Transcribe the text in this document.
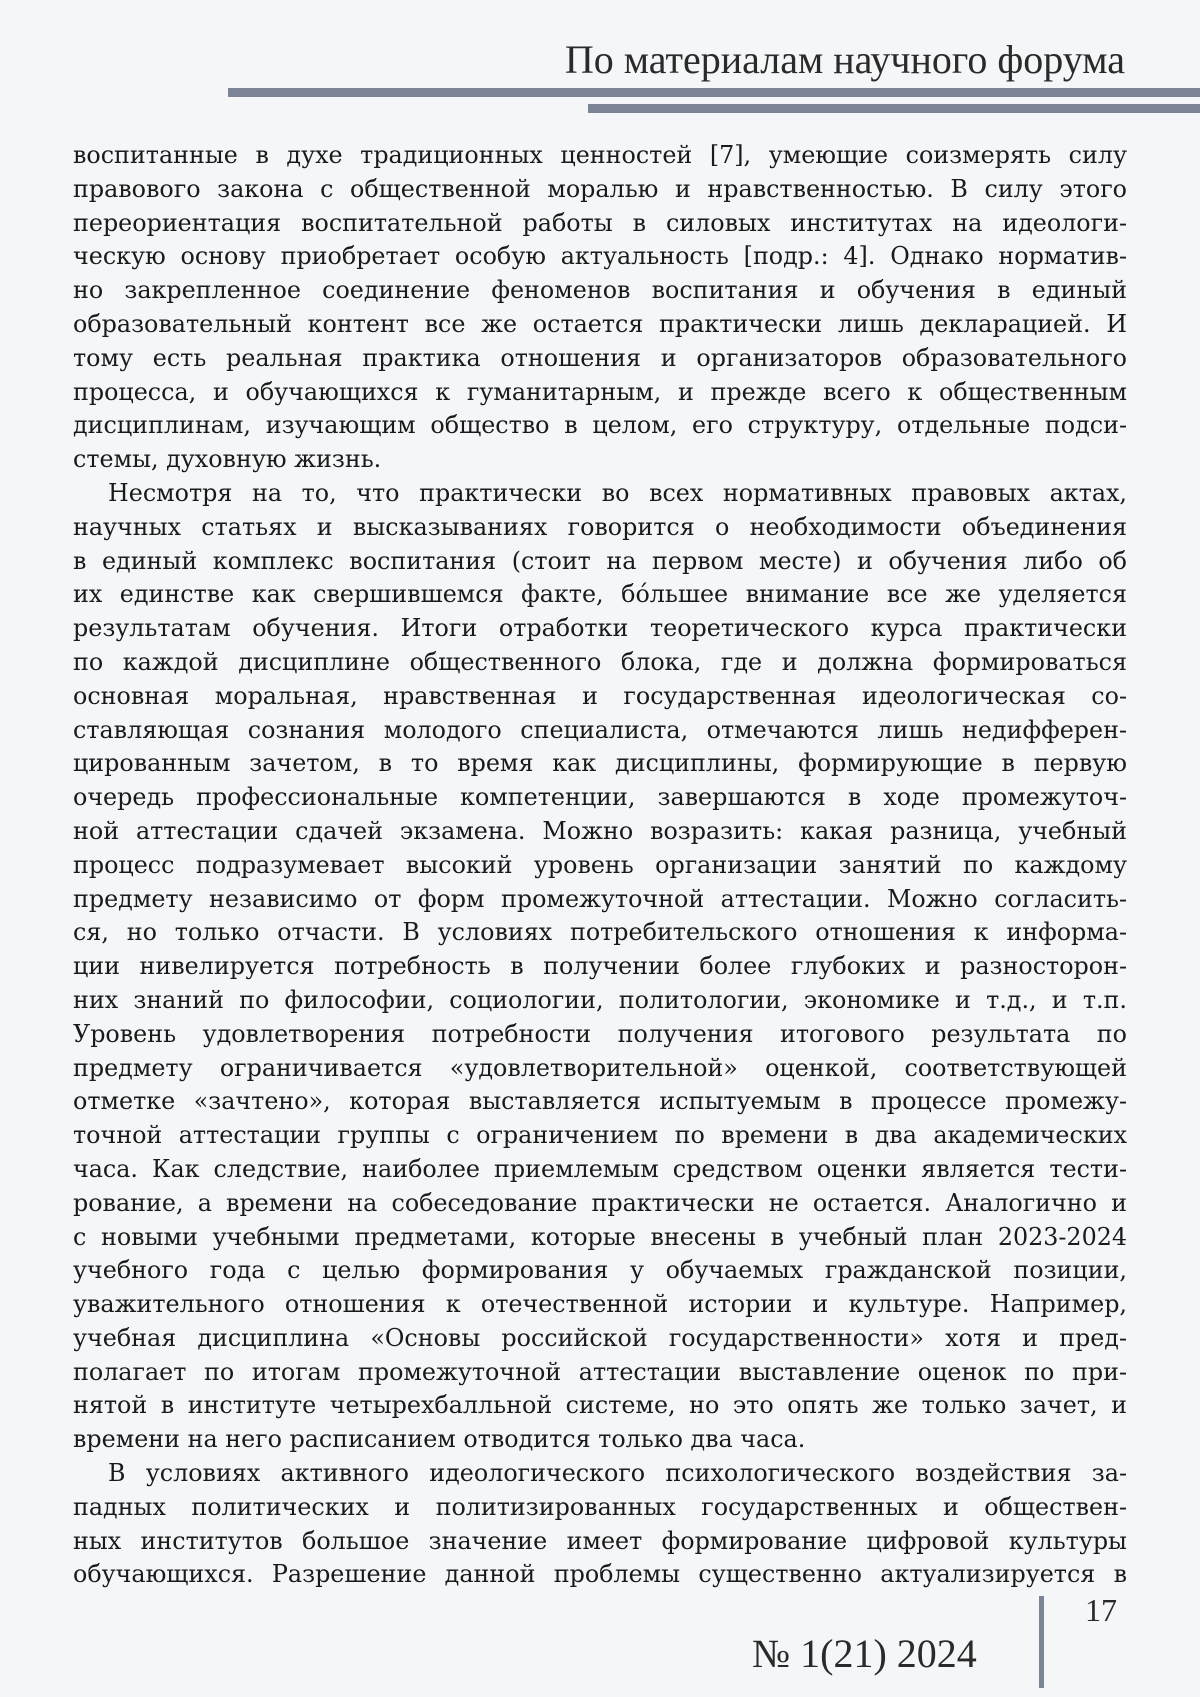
По материалам научного форума
воспитанные в духе традиционных ценностей [7], умеющие соизмерять силу
правового закона с общественной моралью и нравственностью. В силу этого
переориентация воспитательной работы в силовых институтах на идеологи-
ческую основу приобретает особую актуальность [подр.: 4]. Однако норматив-
но закрепленное соединение феноменов воспитания и обучения в единый
образовательный контент все же остается практически лишь декларацией. И
тому есть реальная практика отношения и организаторов образовательного
процесса, и обучающихся к гуманитарным, и прежде всего к общественным
дисциплинам, изучающим общество в целом, его структуру, отдельные подси-
стемы, духовную жизнь.
Несмотря на то, что практически во всех нормативных правовых актах,
научных статьях и высказываниях говорится о необходимости объединения
в единый комплекс воспитания (стоит на первом месте) и обучения либо об
их единстве как свершившемся факте, бóльшее внимание все же уделяется
результатам обучения. Итоги отработки теоретического курса практически
по каждой дисциплине общественного блока, где и должна формироваться
основная моральная, нравственная и государственная идеологическая со-
ставляющая сознания молодого специалиста, отмечаются лишь недифферен-
цированным зачетом, в то время как дисциплины, формирующие в первую
очередь профессиональные компетенции, завершаются в ходе промежуточ-
ной аттестации сдачей экзамена. Можно возразить: какая разница, учебный
процесс подразумевает высокий уровень организации занятий по каждому
предмету независимо от форм промежуточной аттестации. Можно согласить-
ся, но только отчасти. В условиях потребительского отношения к информа-
ции нивелируется потребность в получении более глубоких и разносторон-
них знаний по философии, социологии, политологии, экономике и т.д., и т.п.
Уровень удовлетворения потребности получения итогового результата по
предмету ограничивается «удовлетворительной» оценкой, соответствующей
отметке «зачтено», которая выставляется испытуемым в процессе промежу-
точной аттестации группы с ограничением по времени в два академических
часа. Как следствие, наиболее приемлемым средством оценки является тести-
рование, а времени на собеседование практически не остается. Аналогично и
с новыми учебными предметами, которые внесены в учебный план 2023-2024
учебного года с целью формирования у обучаемых гражданской позиции,
уважительного отношения к отечественной истории и культуре. Например,
учебная дисциплина «Основы российской государственности» хотя и пред-
полагает по итогам промежуточной аттестации выставление оценок по при-
нятой в институте четырехбалльной системе, но это опять же только зачет, и
времени на него расписанием отводится только два часа.
В условиях активного идеологического психологического воздействия за-
падных политических и политизированных государственных и обществен-
ных институтов большое значение имеет формирование цифровой культуры
обучающихся. Разрешение данной проблемы существенно актуализируется в
№ 1(21) 2024
17
